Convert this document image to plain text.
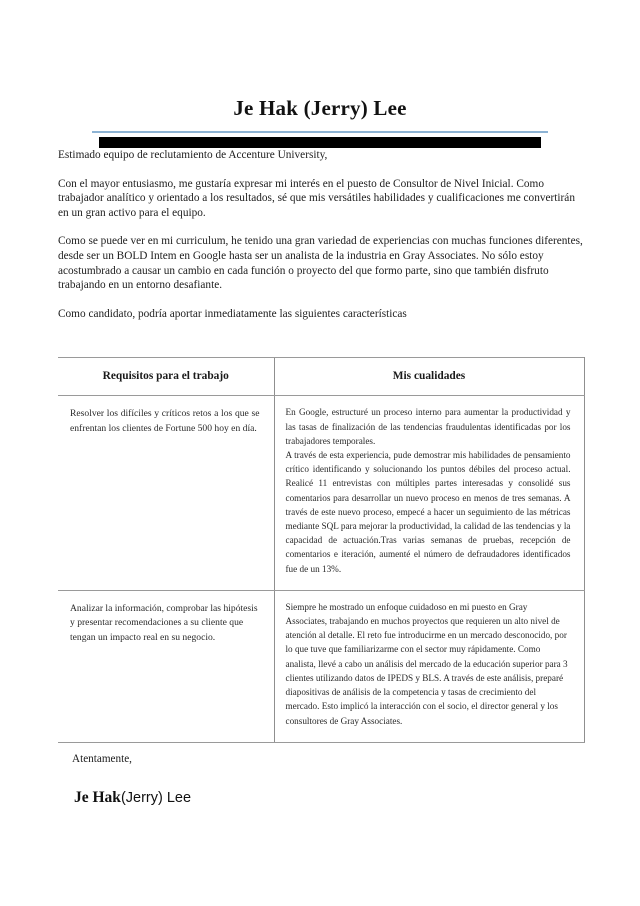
Je Hak (Jerry) Lee

Estimado equipo de reclutamiento de Accenture University,

Con el mayor entusiasmo, me gustaría expresar mi interés en el puesto de Consultor de Nivel Inicial. Como trabajador analítico y orientado a los resultados, sé que mis versátiles habilidades y cualificaciones me convertirán en un gran activo para el equipo.

Como se puede ver en mi curriculum, he tenido una gran variedad de experiencias con muchas funciones diferentes, desde ser un BOLD Intem en Google hasta ser un analista de la industria en Gray Associates. No sólo estoy acostumbrado a causar un cambio en cada función o proyecto del que formo parte, sino que también disfruto trabajando en un entorno desafiante.

Como candidato, podría aportar inmediatamente las siguientes características

Requisitos para el trabajo	Mis cualidades
Resolver los difíciles y críticos retos a los que se enfrentan los clientes de Fortune 500 hoy en día.	En Google, estructuré un proceso interno para aumentar la productividad y las tasas de finalización de las tendencias fraudulentas identificadas por los trabajadores temporales.

A través de esta experiencia, pude demostrar mis habilidades de pensamiento crítico identificando y solucionando los puntos débiles del proceso actual. Realicé 11 entrevistas con múltiples partes interesadas y consolidé sus comentarios para desarrollar un nuevo proceso en menos de tres semanas. A través de este nuevo proceso, empecé a hacer un seguimiento de las métricas mediante SQL para mejorar la productividad, la calidad de las tendencias y la capacidad de actuación.Tras varias semanas de pruebas, recepción de comentarios e iteración, aumenté el número de defraudadores identificados fue de un 13%.

Analizar la información, comprobar las hipótesis y presentar recomendaciones a su cliente que tengan un impacto real en su negocio.	Siempre he mostrado un enfoque cuidadoso en mi puesto en Gray Associates, trabajando en muchos proyectos que requieren un alto nivel de atención al detalle. El reto fue introducirme en un mercado desconocido, por lo que tuve que familiarizarme con el sector muy rápidamente. Como analista, llevé a cabo un análisis del mercado de la educación superior para 3 clientes utilizando datos de IPEDS y BLS. A través de este análisis, preparé diapositivas de análisis de la competencia y tasas de crecimiento del mercado. Esto implicó la interacción con el socio, el director general y los consultores de Gray Associates.

Atentamente,

Je Hak(Jerry) Lee
